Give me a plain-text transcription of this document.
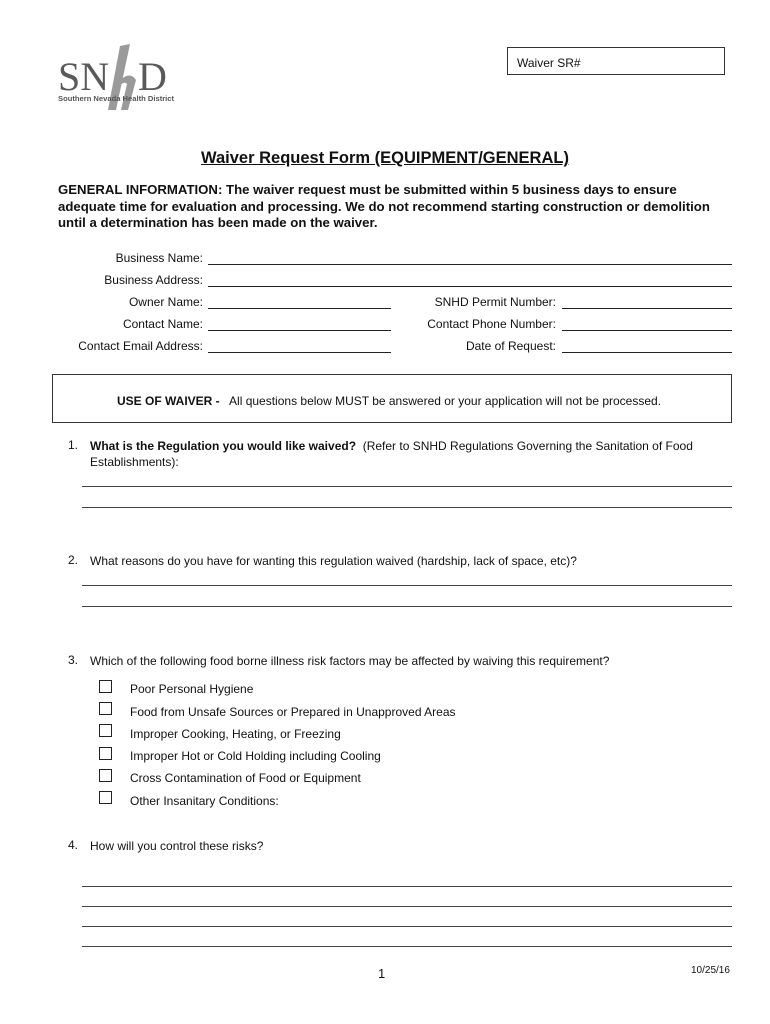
SN D
Southern Nevada Health District
Waiver SR#
Waiver Request Form (EQUIPMENT/GENERAL)
GENERAL INFORMATION: The waiver request must be submitted within 5 business days to ensure adequate time for evaluation and processing. We do not recommend starting construction or demolition until a determination has been made on the waiver.
Business Name:
Business Address:
Owner Name:	SNHD Permit Number:
Contact Name:	Contact Phone Number:
Contact Email Address:	Date of Request:
USE OF WAIVER - All questions below MUST be answered or your application will not be processed.
1. What is the Regulation you would like waived? (Refer to SNHD Regulations Governing the Sanitation of Food Establishments):
2. What reasons do you have for wanting this regulation waived (hardship, lack of space, etc)?
3. Which of the following food borne illness risk factors may be affected by waiving this requirement?
Poor Personal Hygiene
Food from Unsafe Sources or Prepared in Unapproved Areas
Improper Cooking, Heating, or Freezing
Improper Hot or Cold Holding including Cooling
Cross Contamination of Food or Equipment
Other Insanitary Conditions:
4. How will you control these risks?
1	10/25/16
